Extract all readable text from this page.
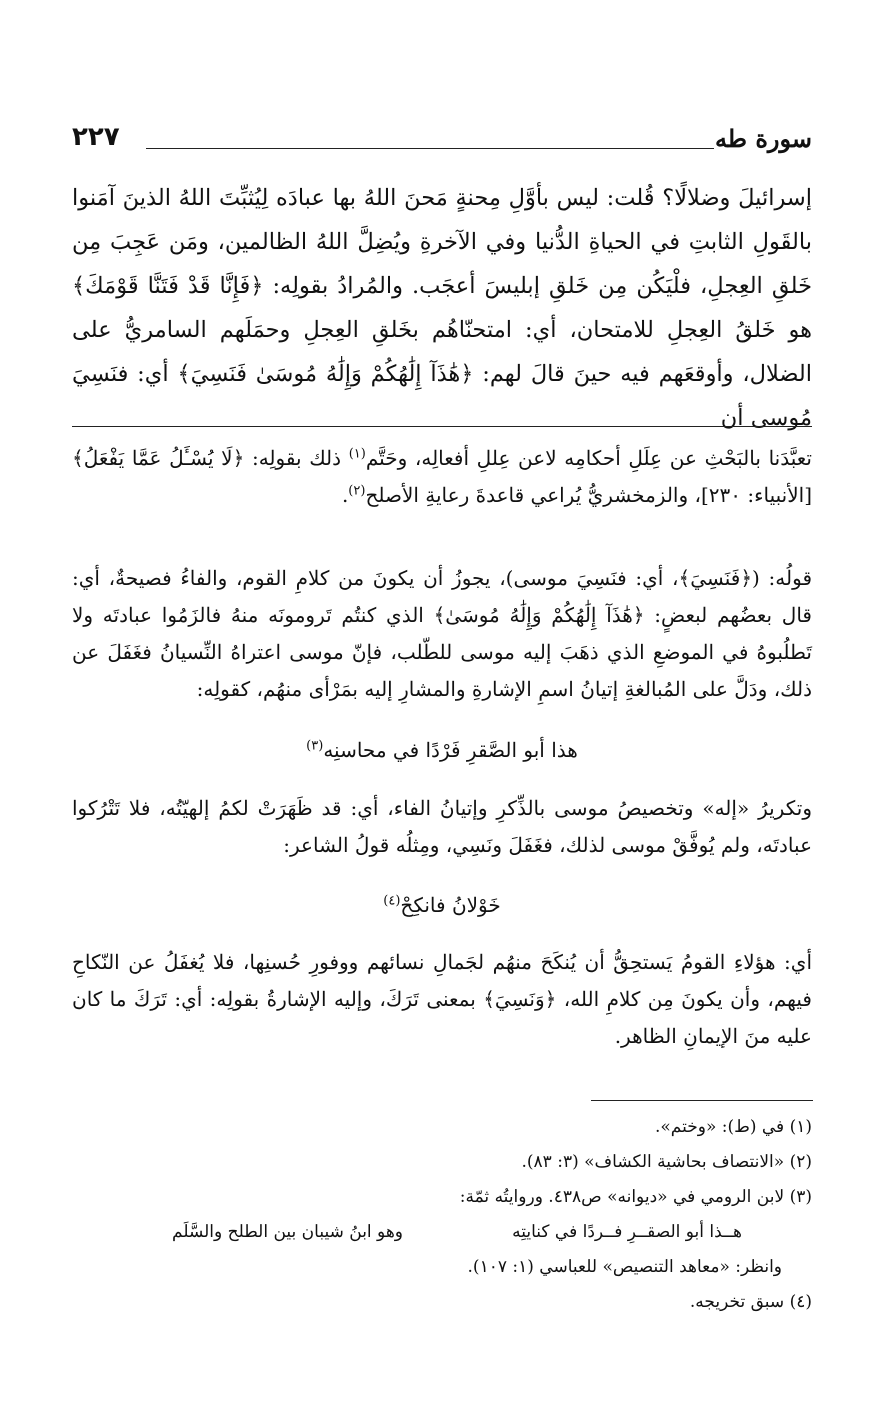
سورة طه
٢٢٧
إسرائيلَ وضلالًا؟ قُلت: ليس بأوَّلِ مِحنةٍ مَحنَ اللهُ بها عبادَه لِيُثبِّتَ اللهُ الذينَ آمَنوا بالقَولِ الثابتِ في الحياةِ الدُّنيا وفي الآخرةِ ويُضِلَّ اللهُ الظالمين، ومَن عَجِبَ مِن خَلقِ العِجلِ، فلْيَكُن مِن خَلقِ إبليسَ أعجَب. والمُرادُ بقولِه: ﴿فَإِنَّا قَدْ فَتَنَّا قَوْمَكَ﴾ هو خَلقُ العِجلِ للامتحان، أي: امتحنّاهُم بخَلقِ العِجلِ وحمَلَهم السامريُّ على الضلال، وأوقعَهم فيه حينَ قالَ لهم: ﴿هَٰذَآ إِلَٰهُكُمْ وَإِلَٰهُ مُوسَىٰ فَنَسِيَ﴾ أي: فنَسِيَ مُوسى أن
تعبَّدَنا بالبَحْثِ عن عِلَلِ أحكامِه لاعن عِللِ أفعالِه، وحَتَّم$^{(١)}$ ذلك بقولِه: ﴿لَا يُسْـَٔلُ عَمَّا يَفْعَلُ﴾ [الأنبياء: ٢٣٠]، والزمخشريُّ يُراعي قاعدةَ رعايةِ الأصلح$^{(٢)}$.
قولُه: (﴿فَنَسِيَ﴾، أي: فنَسِيَ موسى)، يجوزُ أن يكونَ من كلامِ القوم، والفاءُ فصيحةٌ، أي: قال بعضُهم لبعضٍ: ﴿هَٰذَآ إِلَٰهُكُمْ وَإِلَٰهُ مُوسَىٰ﴾ الذي كنتُم تَرومونَه منهُ فالزَمُوا عبادتَه ولا تَطلُبوهُ في الموضعِ الذي ذهَبَ إليه موسى للطّلب، فإنّ موسى اعتراهُ النِّسيانُ فغَفَلَ عن ذلك، ودَلَّ على المُبالغةِ إتيانُ اسمِ الإشارةِ والمشارِ إليه بمَرْأى منهُم، كقولِه:
هذا أبو الصَّقرِ فَرْدًا في محاسنِه$^{(٣)}$
وتكريرُ «إله» وتخصيصُ موسى بالذِّكرِ وإتيانُ الفاء، أي: قد ظَهَرَتْ لكمُ إلهيّتُه، فلا تَتْرُكوا عبادتَه، ولم يُوفَّقْ موسى لذلك، فغَفَلَ ونَسِي، ومِثلُه قولُ الشاعر:
خَوْلانُ فانكِحْ$^{(٤)}$
أي: هؤلاءِ القومُ يَستحِقُّ أن يُنكَحَ منهُم لجَمالِ نسائهم ووفورِ حُسنِها، فلا يُغفَلُ عن النّكاحِ فيهم، وأن يكونَ مِن كلامِ الله، ﴿وَنَسِيَ﴾ بمعنى تَرَكَ، وإليه الإشارةُ بقولِه: أي: تَرَكَ ما كان عليه منَ الإيمانِ الظاهر.
(١) في (ط): «وختم».
(٢) «الانتصاف بحاشية الكشاف» (٣: ٨٣).
(٣) لابن الرومي في «ديوانه» ص٤٣٨. وروايتُه ثمّة:
هــذا أبو الصقــرِ فــردًا في كنايتِه
وهو ابنُ شيبان بين الطلح والسَّلَم
وانظر: «معاهد التنصيص» للعباسي (١: ١٠٧).
(٤) سبق تخريجه.
